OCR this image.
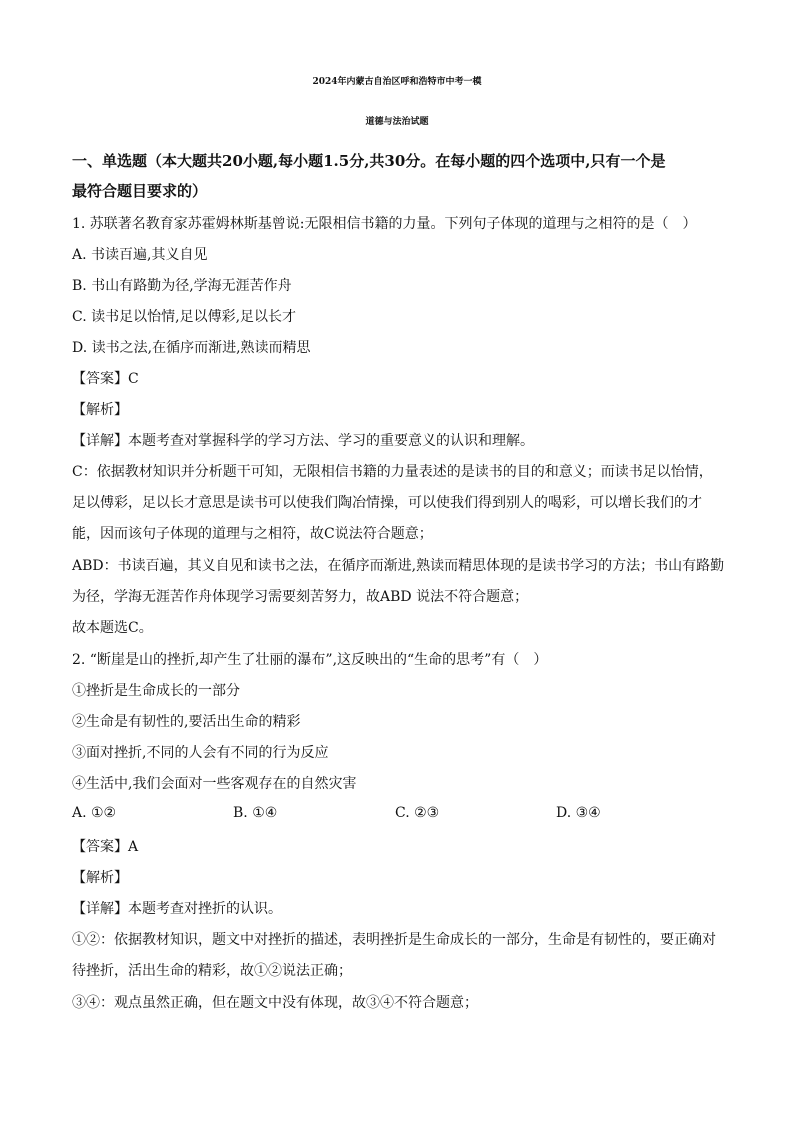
2024年内蒙古自治区呼和浩特市中考一模
道德与法治试题
一、单选题（本大题共20小题,每小题1.5分,共30分。在每小题的四个选项中,只有一个是
最符合题目要求的）
1. 苏联著名教育家苏霍姆林斯基曾说:无限相信书籍的力量。下列句子体现的道理与之相符的是（　）
A. 书读百遍,其义自见
B. 书山有路勤为径,学海无涯苦作舟
C. 读书足以怡情,足以傅彩,足以长才
D. 读书之法,在循序而渐进,熟读而精思
【答案】C
【解析】
【详解】本题考查对掌握科学的学习方法、学习的重要意义的认识和理解。
C：依据教材知识并分析题干可知，无限相信书籍的力量表述的是读书的目的和意义；而读书足以怡情，
足以傅彩，足以长才意思是读书可以使我们陶冶情操，可以使我们得到别人的喝彩，可以增长我们的才
能，因而该句子体现的道理与之相符，故C说法符合题意；
ABD：书读百遍，其义自见和读书之法，在循序而渐进,熟读而精思体现的是读书学习的方法；书山有路勤
为径，学海无涯苦作舟体现学习需要刻苦努力，故ABD 说法不符合题意；
故本题选C。
2. “断崖是山的挫折,却产生了壮丽的瀑布”,这反映出的“生命的思考”有（　）
①挫折是生命成长的一部分
②生命是有韧性的,要活出生命的精彩
③面对挫折,不同的人会有不同的行为反应
④生活中,我们会面对一些客观存在的自然灾害
A. ①②	B. ①④	C. ②③	D. ③④
【答案】A
【解析】
【详解】本题考查对挫折的认识。
①②：依据教材知识，题文中对挫折的描述，表明挫折是生命成长的一部分，生命是有韧性的，要正确对
待挫折，活出生命的精彩，故①②说法正确；
③④：观点虽然正确，但在题文中没有体现，故③④不符合题意；
